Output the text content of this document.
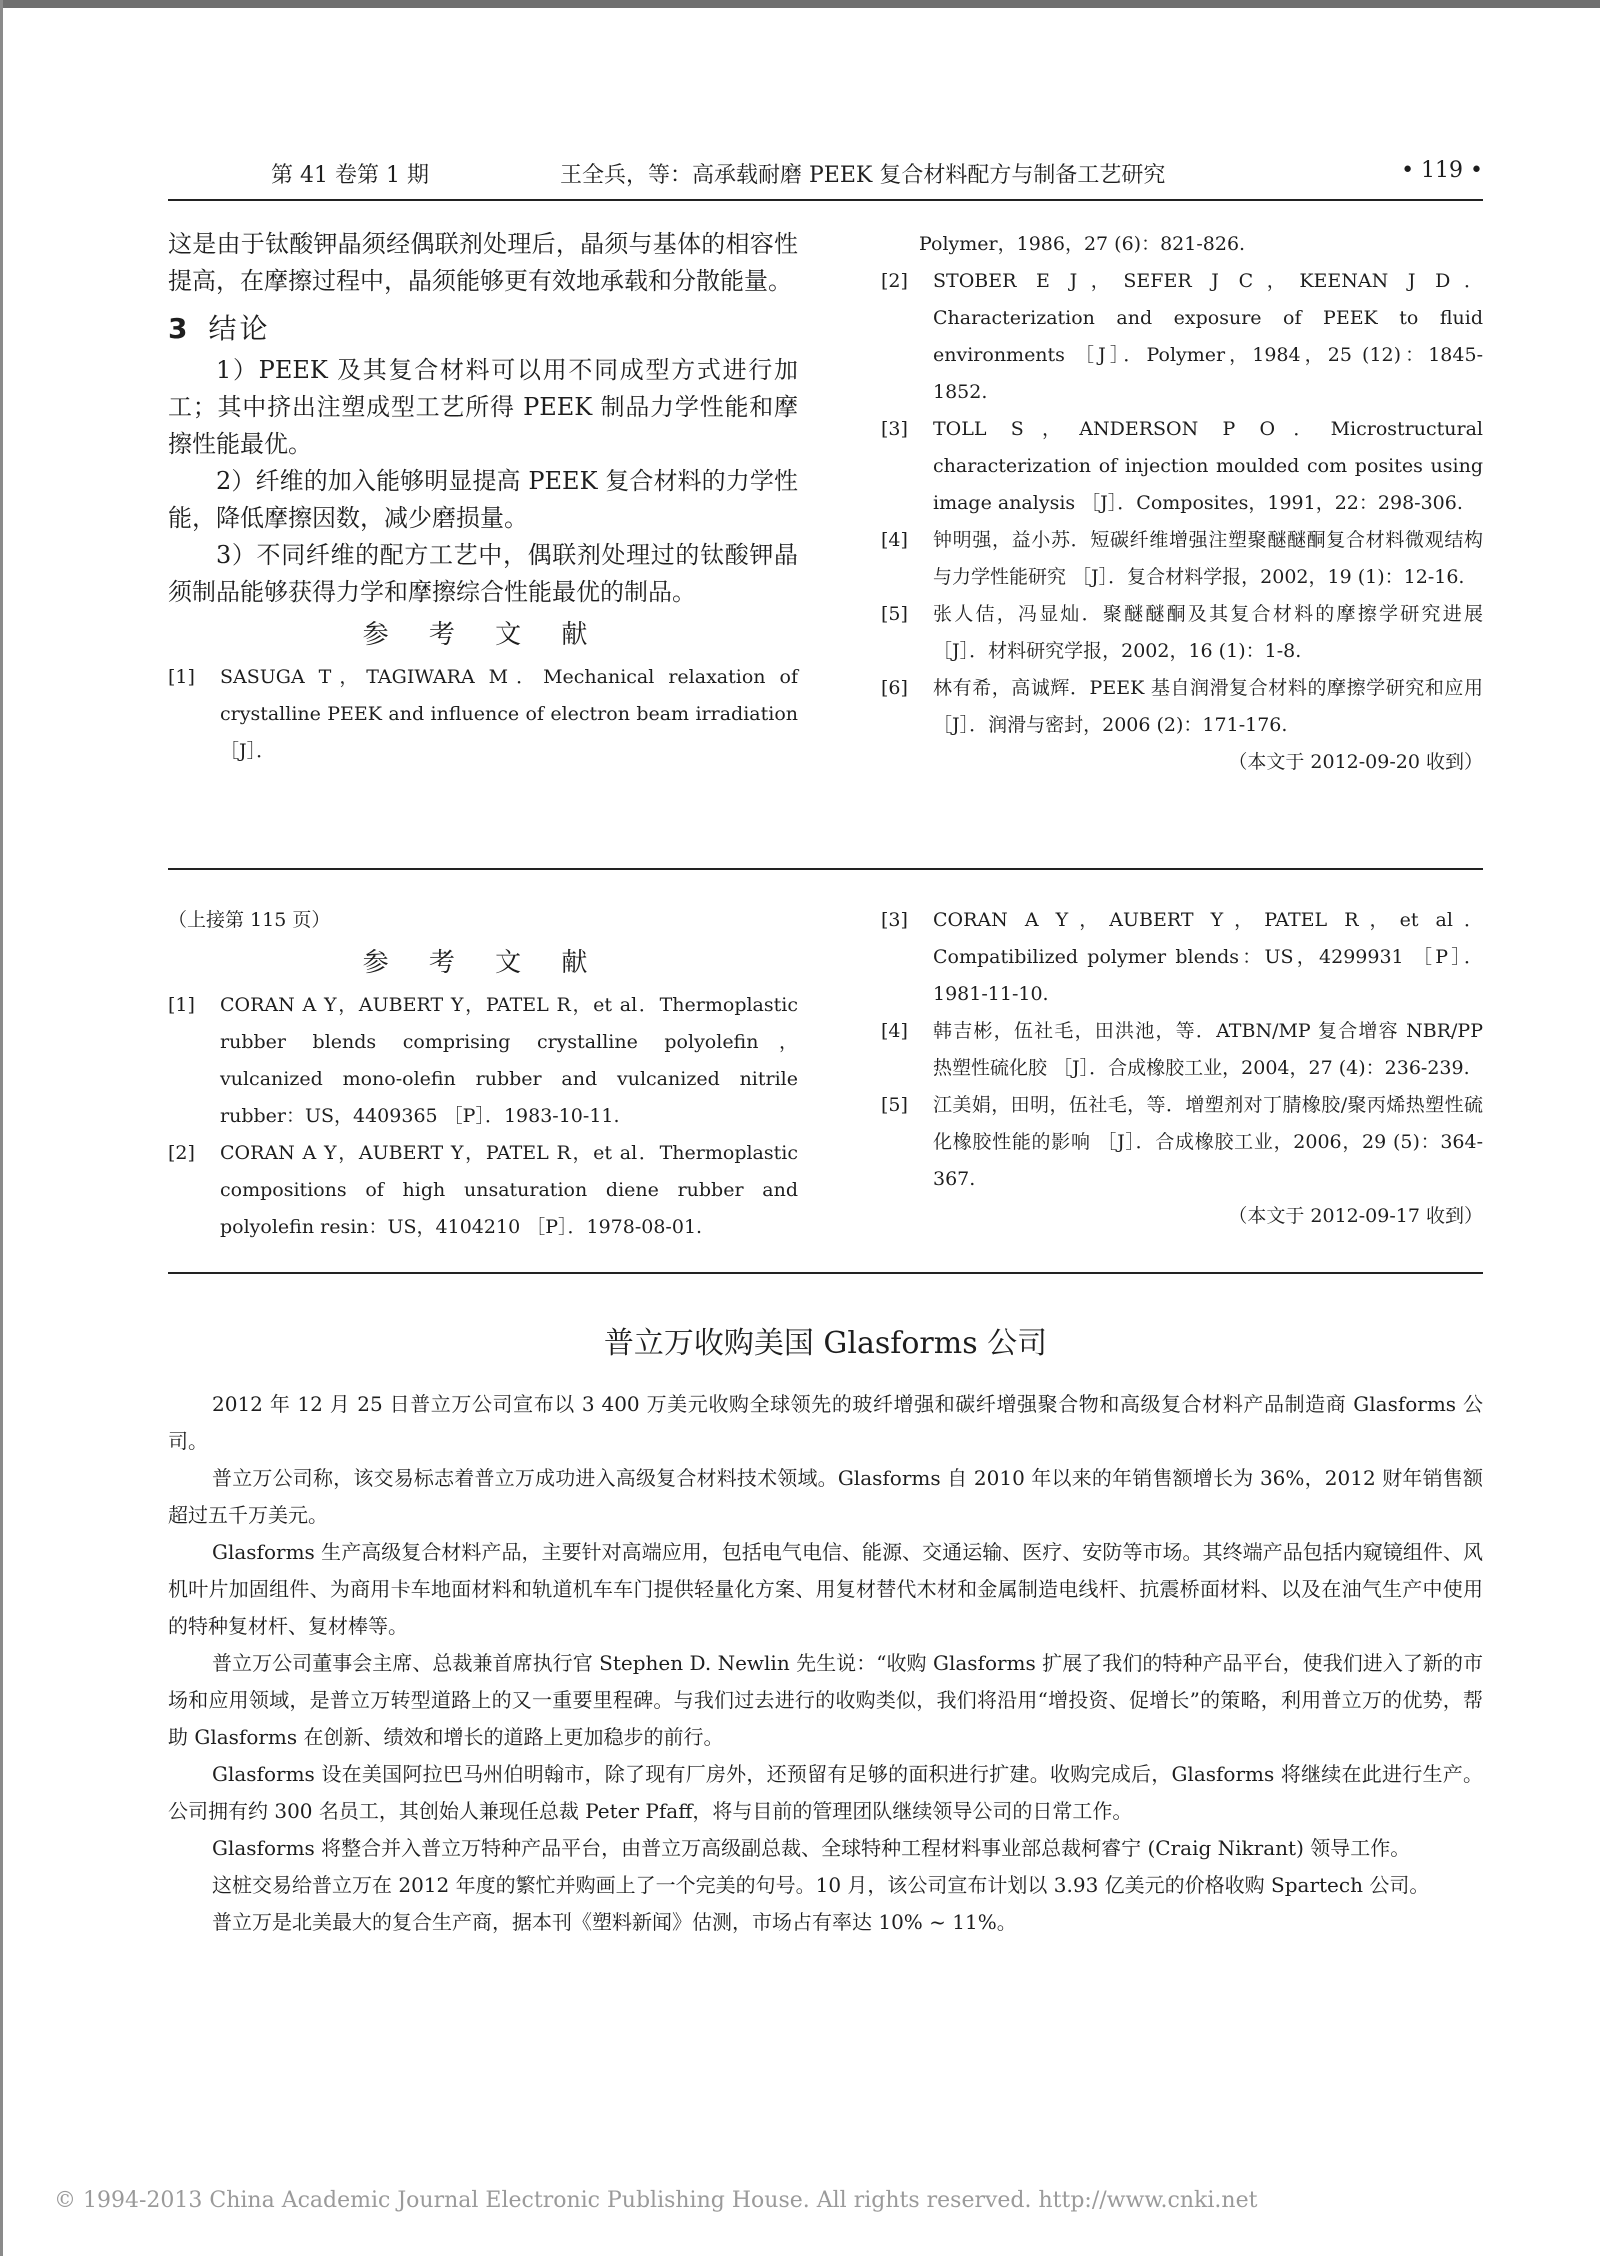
第 41 卷第 1 期	王全兵，等：高承载耐磨 PEEK 复合材料配方与制备工艺研究	• 119 •

这是由于钛酸钾晶须经偶联剂处理后，晶须与基体的相容性提高，在摩擦过程中，晶须能够更有效地承载和分散能量。

3 结论

1）PEEK 及其复合材料可以用不同成型方式进行加工；其中挤出注塑成型工艺所得 PEEK 制品力学性能和摩擦性能最优。

2）纤维的加入能够明显提高 PEEK 复合材料的力学性能，降低摩擦因数，减少磨损量。

3）不同纤维的配方工艺中，偶联剂处理过的钛酸钾晶须制品能够获得力学和摩擦综合性能最优的制品。

参 考 文 献

[1] SASUGA T，TAGIWARA M．Mechanical relaxation of crystalline PEEK and influence of electron beam irradiation ［J］．

Polymer，1986，27 (6)：821-826.

[2] STOBER E J，SEFER J C，KEENAN J D．Characterization and exposure of PEEK to fluid environments ［J］．Polymer，1984，25 (12)：1845-1852.

[3] TOLL S，ANDERSON P O．Microstructural characterization of injection moulded com posites using image analysis ［J］．Composites，1991，22：298-306.

[4] 钟明强，益小苏．短碳纤维增强注塑聚醚醚酮复合材料微观结构与力学性能研究 ［J］．复合材料学报，2002，19 (1)：12-16.

[5] 张人佶，冯显灿．聚醚醚酮及其复合材料的摩擦学研究进展 ［J］．材料研究学报，2002，16 (1)：1-8.

[6] 林有希，高诚辉．PEEK 基自润滑复合材料的摩擦学研究和应用 ［J］．润滑与密封，2006 (2)：171-176.

（本文于 2012-09-20 收到）

（上接第 115 页）

参 考 文 献

[1] CORAN A Y，AUBERT Y，PATEL R，et al．Thermoplastic rubber blends comprising crystalline polyolefin，vulcanized mono-olefin rubber and vulcanized nitrile rubber：US，4409365 ［P］．1983-10-11.

[2] CORAN A Y，AUBERT Y，PATEL R，et al．Thermoplastic compositions of high unsaturation diene rubber and polyolefin resin：US，4104210 ［P］．1978-08-01.

[3] CORAN A Y，AUBERT Y，PATEL R，et al．Compatibilized polymer blends：US，4299931 ［P］．1981-11-10.

[4] 韩吉彬，伍社毛，田洪池，等．ATBN/MP 复合增容 NBR/PP 热塑性硫化胶 ［J］．合成橡胶工业，2004，27 (4)：236-239.

[5] 江美娟，田明，伍社毛，等．增塑剂对丁腈橡胶/聚丙烯热塑性硫化橡胶性能的影响 ［J］．合成橡胶工业，2006，29 (5)：364-367.

（本文于 2012-09-17 收到）

普立万收购美国 Glasforms 公司

2012 年 12 月 25 日普立万公司宣布以 3 400 万美元收购全球领先的玻纤增强和碳纤增强聚合物和高级复合材料产品制造商 Glasforms 公司。

普立万公司称，该交易标志着普立万成功进入高级复合材料技术领域。Glasforms 自 2010 年以来的年销售额增长为 36%，2012 财年销售额超过五千万美元。

Glasforms 生产高级复合材料产品，主要针对高端应用，包括电气电信、能源、交通运输、医疗、安防等市场。其终端产品包括内窥镜组件、风机叶片加固组件、为商用卡车地面材料和轨道机车车门提供轻量化方案、用复材替代木材和金属制造电线杆、抗震桥面材料、以及在油气生产中使用的特种复材杆、复材棒等。

普立万公司董事会主席、总裁兼首席执行官 Stephen D. Newlin 先生说：“收购 Glasforms 扩展了我们的特种产品平台，使我们进入了新的市场和应用领域，是普立万转型道路上的又一重要里程碑。与我们过去进行的收购类似，我们将沿用“增投资、促增长”的策略，利用普立万的优势，帮助 Glasforms 在创新、绩效和增长的道路上更加稳步的前行。

Glasforms 设在美国阿拉巴马州伯明翰市，除了现有厂房外，还预留有足够的面积进行扩建。收购完成后，Glasforms 将继续在此进行生产。公司拥有约 300 名员工，其创始人兼现任总裁 Peter Pfaff，将与目前的管理团队继续领导公司的日常工作。

Glasforms 将整合并入普立万特种产品平台，由普立万高级副总裁、全球特种工程材料事业部总裁柯睿宁 (Craig Nikrant) 领导工作。

这桩交易给普立万在 2012 年度的繁忙并购画上了一个完美的句号。10 月，该公司宣布计划以 3.93 亿美元的价格收购 Spartech 公司。

普立万是北美最大的复合生产商，据本刊《塑料新闻》估测，市场占有率达 10% ~ 11%。

© 1994-2013 China Academic Journal Electronic Publishing House. All rights reserved. http://www.cnki.net
